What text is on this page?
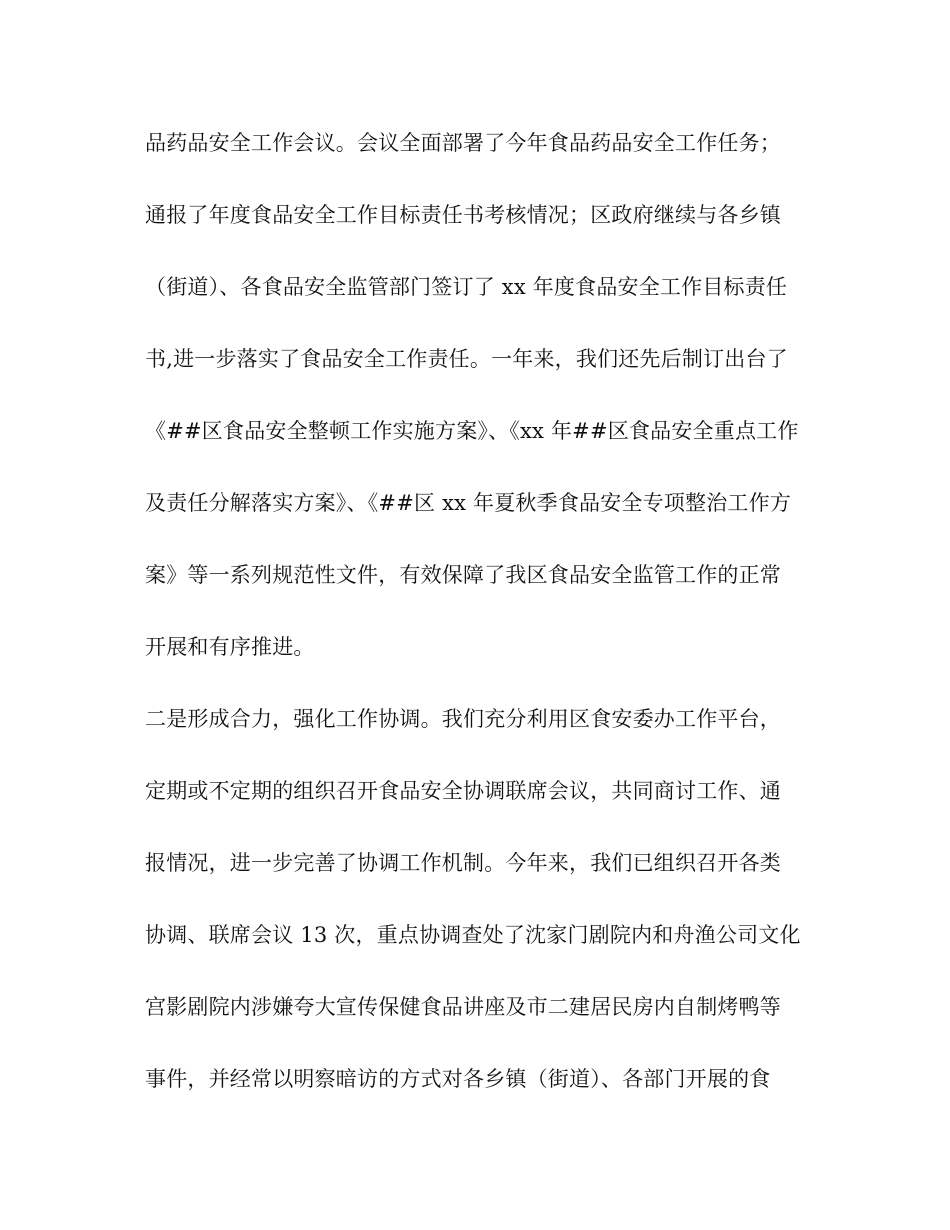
品药品安全工作会议。会议全面部署了今年食品药品安全工作任务；
通报了年度食品安全工作目标责任书考核情况；区政府继续与各乡镇
（街道）、各食品安全监管部门签订了 xx 年度食品安全工作目标责任
书,进一步落实了食品安全工作责任。一年来，我们还先后制订出台了
《##区食品安全整顿工作实施方案》、《xx 年##区食品安全重点工作
及责任分解落实方案》、《##区 xx 年夏秋季食品安全专项整治工作方
案》等一系列规范性文件，有效保障了我区食品安全监管工作的正常
开展和有序推进。
二是形成合力，强化工作协调。我们充分利用区食安委办工作平台，
定期或不定期的组织召开食品安全协调联席会议，共同商讨工作、通
报情况，进一步完善了协调工作机制。今年来，我们已组织召开各类
协调、联席会议 13 次，重点协调查处了沈家门剧院内和舟渔公司文化
宫影剧院内涉嫌夸大宣传保健食品讲座及市二建居民房内自制烤鸭等
事件，并经常以明察暗访的方式对各乡镇（街道）、各部门开展的食
